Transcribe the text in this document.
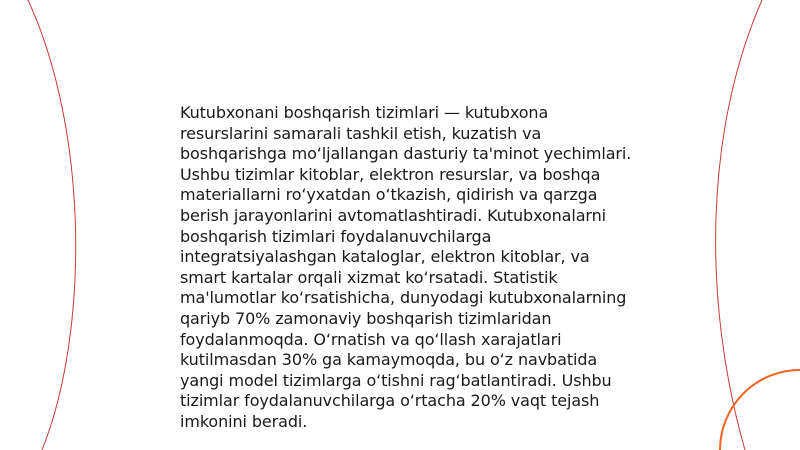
Kutubxonani boshqarish tizimlari — kutubxona resurslarini samarali tashkil etish, kuzatish va boshqarishga mo‘ljallangan dasturiy ta'minot yechimlari. Ushbu tizimlar kitoblar, elektron resurslar, va boshqa materiallarni ro‘yxatdan o‘tkazish, qidirish va qarzga berish jarayonlarini avtomatlashtiradi. Kutubxonalarni boshqarish tizimlari foydalanuvchilarga integratsiyalashgan kataloglar, elektron kitoblar, va smart kartalar orqali xizmat ko‘rsatadi. Statistik ma'lumotlar ko‘rsatishicha, dunyodagi kutubxonalarning qariyb 70% zamonaviy boshqarish tizimlaridan foydalanmoqda. O‘rnatish va qo‘llash xarajatlari kutilmasdan 30% ga kamaymoqda, bu o‘z navbatida yangi model tizimlarga o‘tishni rag‘batlantiradi. Ushbu tizimlar foydalanuvchilarga o‘rtacha 20% vaqt tejash imkonini beradi.
